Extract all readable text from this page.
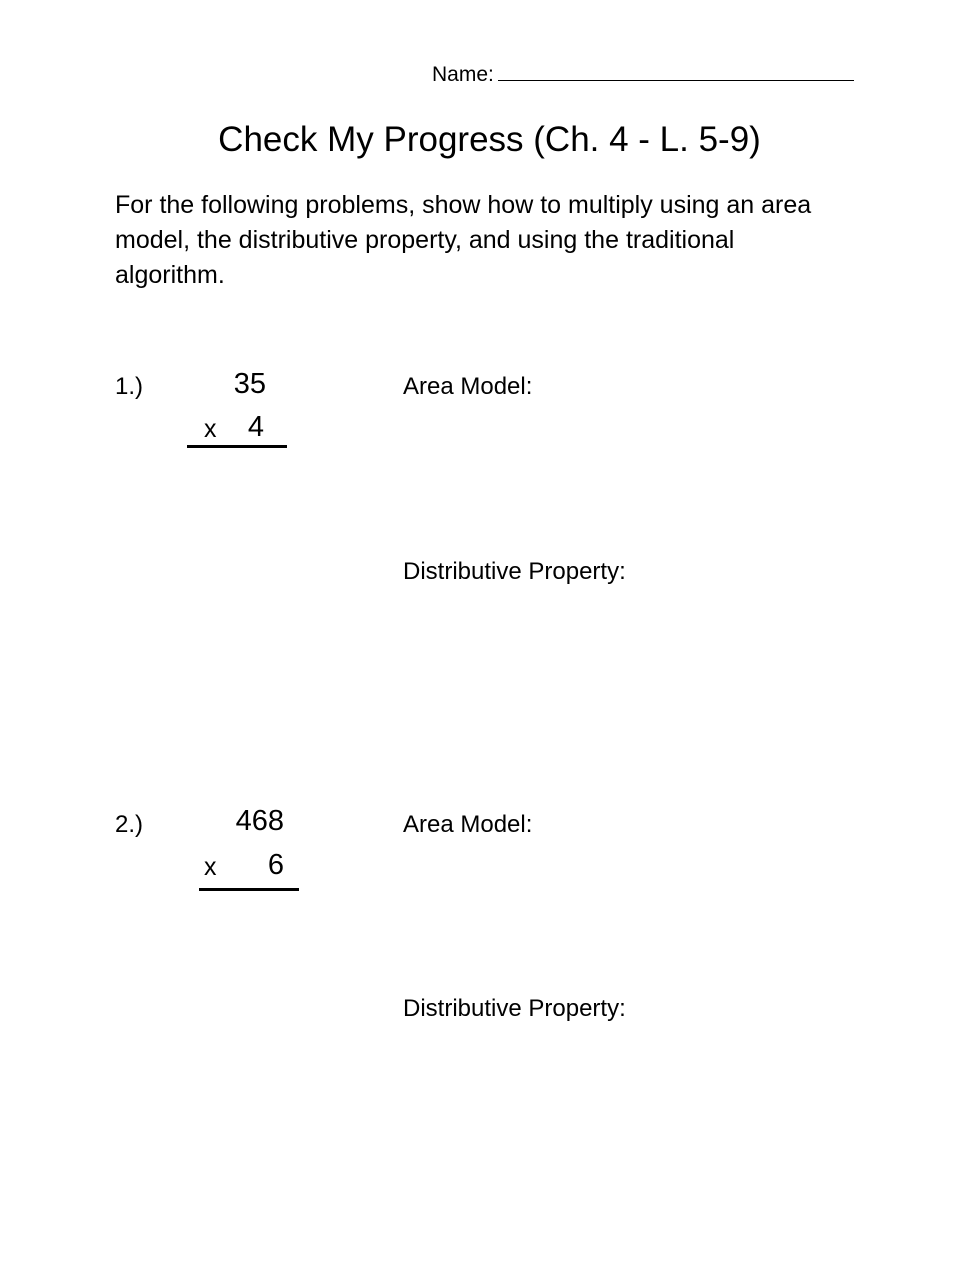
Name:
Check My Progress (Ch. 4 - L. 5-9)
For the following problems, show how to multiply using an area
model, the distributive property, and using the traditional
algorithm.
1.)	35
x	4
Area Model:
Distributive Property:
2.)	468
x	6
Area Model:
Distributive Property:
